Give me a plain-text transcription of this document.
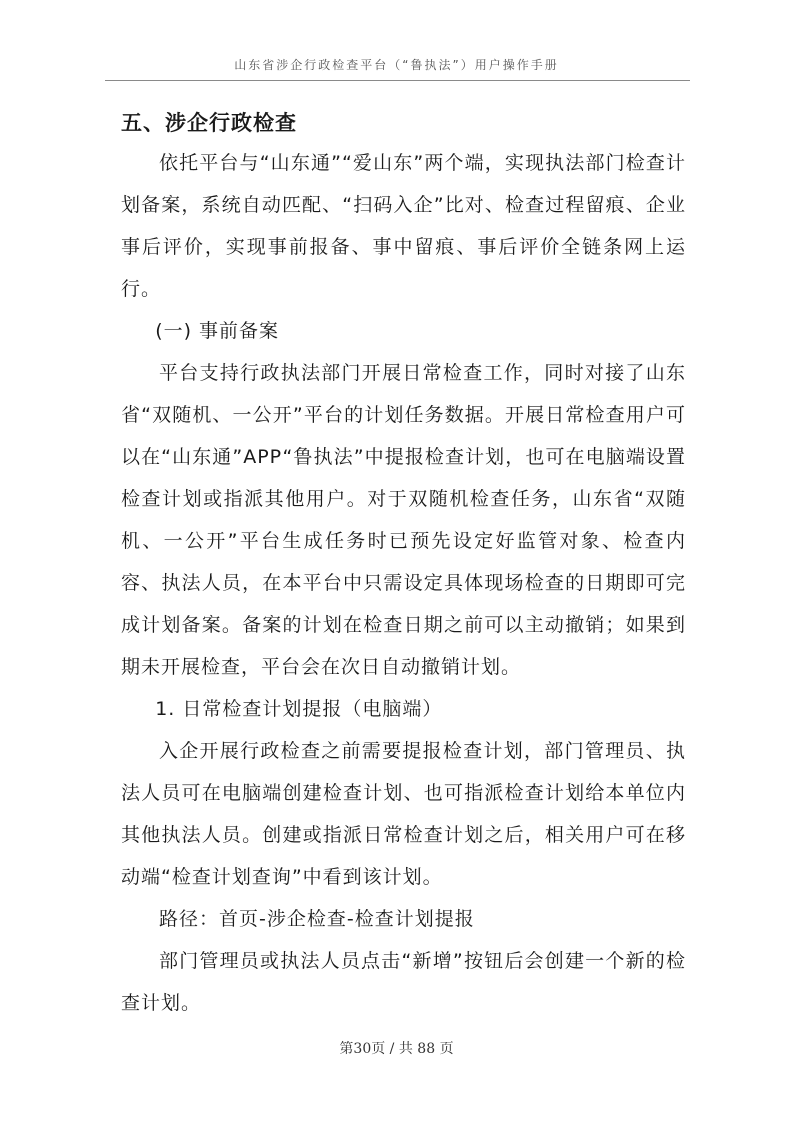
山东省涉企行政检查平台（“鲁执法”）用户操作手册
五、涉企行政检查

依托平台与“山东通”“爱山东”两个端，实现执法部门检查计划备案，系统自动匹配、“扫码入企”比对、检查过程留痕、企业事后评价，实现事前报备、事中留痕、事后评价全链条网上运行。

(一) 事前备案

平台支持行政执法部门开展日常检查工作，同时对接了山东省“双随机、一公开”平台的计划任务数据。开展日常检查用户可以在“山东通”APP“鲁执法”中提报检查计划，也可在电脑端设置检查计划或指派其他用户。对于双随机检查任务，山东省“双随机、一公开”平台生成任务时已预先设定好监管对象、检查内容、执法人员，在本平台中只需设定具体现场检查的日期即可完成计划备案。备案的计划在检查日期之前可以主动撤销；如果到期未开展检查，平台会在次日自动撤销计划。

1. 日常检查计划提报（电脑端）

入企开展行政检查之前需要提报检查计划，部门管理员、执法人员可在电脑端创建检查计划、也可指派检查计划给本单位内其他执法人员。创建或指派日常检查计划之后，相关用户可在移动端“检查计划查询”中看到该计划。

路径：首页-涉企检查-检查计划提报

部门管理员或执法人员点击“新增”按钮后会创建一个新的检查计划。

第30页 / 共 88 页
